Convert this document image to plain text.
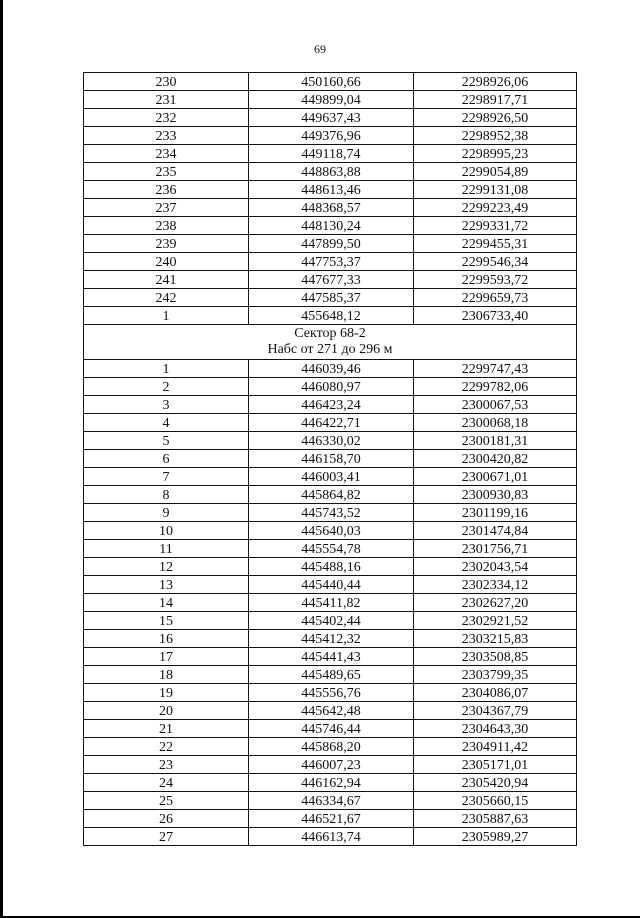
69
230	450160,66	2298926,06
231	449899,04	2298917,71
232	449637,43	2298926,50
233	449376,96	2298952,38
234	449118,74	2298995,23
235	448863,88	2299054,89
236	448613,46	2299131,08
237	448368,57	2299223,49
238	448130,24	2299331,72
239	447899,50	2299455,31
240	447753,37	2299546,34
241	447677,33	2299593,72
242	447585,37	2299659,73
1	455648,12	2306733,40

Сектор 68-2
Набс от 271 до 296 м		

1	446039,46	2299747,43
2	446080,97	2299782,06
3	446423,24	2300067,53
4	446422,71	2300068,18
5	446330,02	2300181,31
6	446158,70	2300420,82
7	446003,41	2300671,01
8	445864,82	2300930,83
9	445743,52	2301199,16
10	445640,03	2301474,84
11	445554,78	2301756,71
12	445488,16	2302043,54
13	445440,44	2302334,12
14	445411,82	2302627,20
15	445402,44	2302921,52
16	445412,32	2303215,83
17	445441,43	2303508,85
18	445489,65	2303799,35
19	445556,76	2304086,07
20	445642,48	2304367,79
21	445746,44	2304643,30
22	445868,20	2304911,42
23	446007,23	2305171,01
24	446162,94	2305420,94
25	446334,67	2305660,15
26	446521,67	2305887,63
27	446613,74	2305989,27
